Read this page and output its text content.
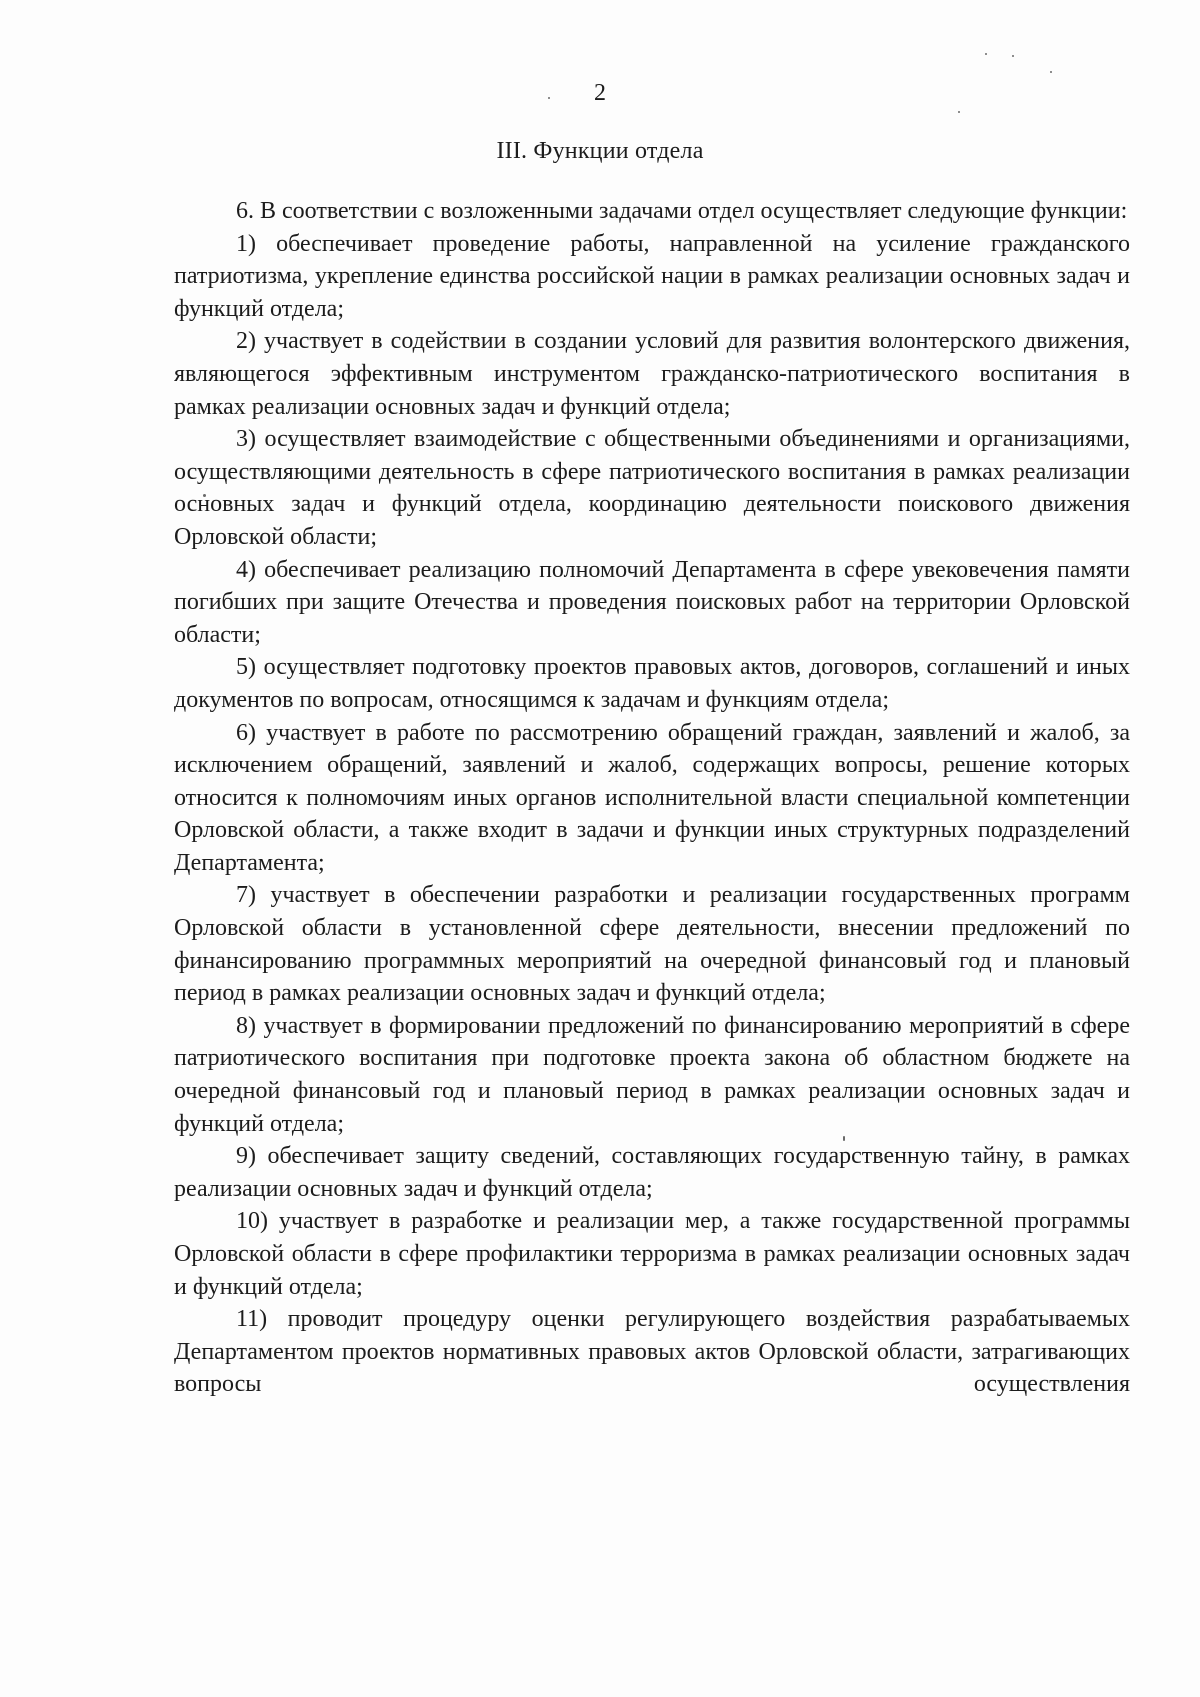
2
III. Функции отдела

6. В соответствии с возложенными задачами отдел осуществляет следующие функции:

1) обеспечивает проведение работы, направленной на усиление гражданского патриотизма, укрепление единства российской нации в рамках реализации основных задач и функций отдела;

2) участвует в содействии в создании условий для развития волонтерского движения, являющегося эффективным инструментом гражданско-патриотического воспитания в рамках реализации основных задач и функций отдела;

3) осуществляет взаимодействие с общественными объединениями и организациями, осуществляющими деятельность в сфере патриотического воспитания в рамках реализации основных задач и функций отдела, координацию деятельности поискового движения Орловской области;

4) обеспечивает реализацию полномочий Департамента в сфере увековечения памяти погибших при защите Отечества и проведения поисковых работ на территории Орловской области;

5) осуществляет подготовку проектов правовых актов, договоров, соглашений и иных документов по вопросам, относящимся к задачам и функциям отдела;

6) участвует в работе по рассмотрению обращений граждан, заявлений и жалоб, за исключением обращений, заявлений и жалоб, содержащих вопросы, решение которых относится к полномочиям иных органов исполнительной власти специальной компетенции Орловской области, а также входит в задачи и функции иных структурных подразделений Департамента;

7) участвует в обеспечении разработки и реализации государственных программ Орловской области в установленной сфере деятельности, внесении предложений по финансированию программных мероприятий на очередной финансовый год и плановый период в рамках реализации основных задач и функций отдела;

8) участвует в формировании предложений по финансированию мероприятий в сфере патриотического воспитания при подготовке проекта закона об областном бюджете на очередной финансовый год и плановый период в рамках реализации основных задач и функций отдела;

9) обеспечивает защиту сведений, составляющих государственную тайну, в рамках реализации основных задач и функций отдела;

10) участвует в разработке и реализации мер, а также государственной программы Орловской области в сфере профилактики терроризма в рамках реализации основных задач и функций отдела;

11) проводит процедуру оценки регулирующего воздействия разрабатываемых Департаментом проектов нормативных правовых актов Орловской области, затрагивающих вопросы осуществления
